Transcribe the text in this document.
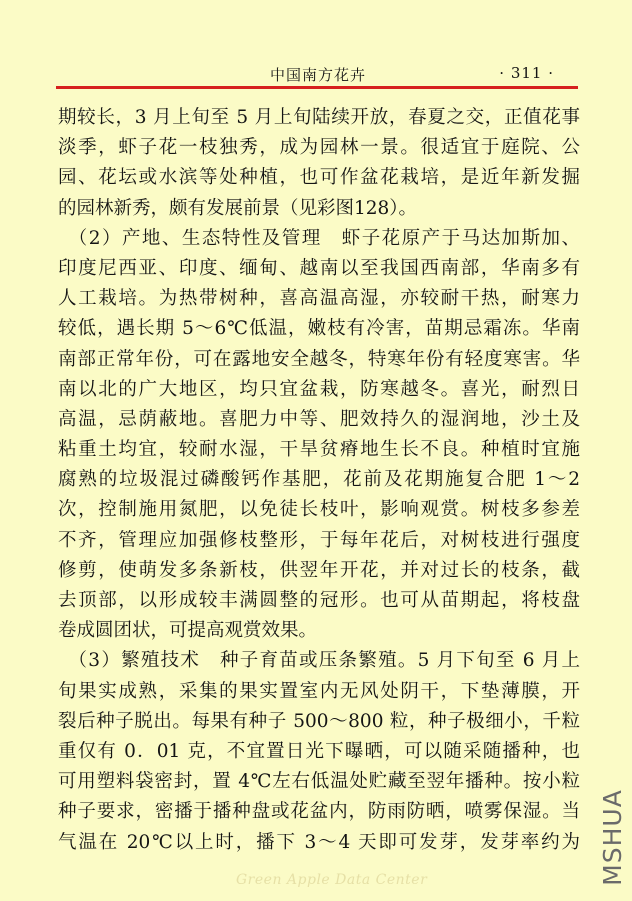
中国南方花卉	· 311 ·
期较长，3 月上旬至 5 月上旬陆续开放，春夏之交，正值花事
淡季，虾子花一枝独秀，成为园林一景。很适宜于庭院、公
园、花坛或水滨等处种植，也可作盆花栽培，是近年新发掘
的园林新秀，颇有发展前景（见彩图128）。
　（2）产地、生态特性及管理　虾子花原产于马达加斯加、
印度尼西亚、印度、缅甸、越南以至我国西南部，华南多有
人工栽培。为热带树种，喜高温高湿，亦较耐干热，耐寒力
较低，遇长期 5～6℃低温，嫩枝有冷害，苗期忌霜冻。华南
南部正常年份，可在露地安全越冬，特寒年份有轻度寒害。华
南以北的广大地区，均只宜盆栽，防寒越冬。喜光，耐烈日
高温，忌荫蔽地。喜肥力中等、肥效持久的湿润地，沙土及
粘重土均宜，较耐水湿，干旱贫瘠地生长不良。种植时宜施
腐熟的垃圾混过磷酸钙作基肥，花前及花期施复合肥 1～2
次，控制施用氮肥，以免徒长枝叶，影响观赏。树枝多参差
不齐，管理应加强修枝整形，于每年花后，对树枝进行强度
修剪，使萌发多条新枝，供翌年开花，并对过长的枝条，截
去顶部，以形成较丰满圆整的冠形。也可从苗期起，将枝盘
卷成圆团状，可提高观赏效果。
　（3）繁殖技术　种子育苗或压条繁殖。5 月下旬至 6 月上
旬果实成熟，采集的果实置室内无风处阴干，下垫薄膜，开
裂后种子脱出。每果有种子 500～800 粒，种子极细小，千粒
重仅有 0．01 克，不宜置日光下曝晒，可以随采随播种，也
可用塑料袋密封，置 4℃左右低温处贮藏至翌年播种。按小粒
种子要求，密播于播种盘或花盆内，防雨防晒，喷雾保湿。当
气温在 20℃以上时，播下 3～4 天即可发芽，发芽率约为
Green Apple Data Center	MSHUA
